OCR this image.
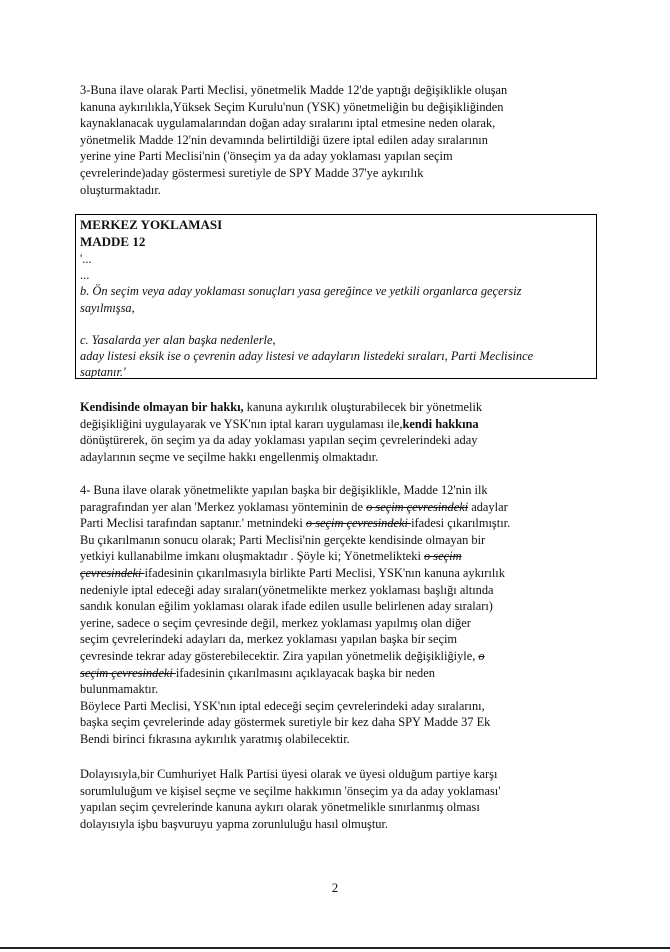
3-Buna ilave olarak Parti Meclisi, yönetmelik Madde 12'de yaptığı değişiklikle oluşan
kanuna aykırılıkla,Yüksek Seçim Kurulu'nun (YSK) yönetmeliğin bu değişikliğinden
kaynaklanacak uygulamalarından doğan aday sıralarını iptal etmesine neden olarak,
yönetmelik Madde 12'nin devamında belirtildiği üzere iptal edilen aday sıralarının
yerine yine Parti Meclisi'nin ('önseçim ya da aday yoklaması yapılan seçim
çevrelerinde)aday göstermesi suretiyle de SPY Madde 37'ye aykırılık
oluşturmaktadır.

MERKEZ YOKLAMASI
MADDE 12
'...
...
b. Ön seçim veya aday yoklaması sonuçları yasa gereğince ve yetkili organlarca geçersiz
sayılmışsa,
c. Yasalarda yer alan başka nedenlerle,
aday listesi eksik ise o çevrenin aday listesi ve adayların listedeki sıraları, Parti Meclisince
saptanır.'

Kendisinde olmayan bir hakkı, kanuna aykırılık oluşturabilecek bir yönetmelik
değişikliğini uygulayarak ve YSK'nın iptal kararı uygulaması ile,kendi hakkına
dönüştürerek, ön seçim ya da aday yoklaması yapılan seçim çevrelerindeki aday
adaylarının seçme ve seçilme hakkı engellenmiş olmaktadır.

4- Buna ilave olarak yönetmelikte yapılan başka bir değişiklikle, Madde 12'nin ilk
paragrafından yer alan 'Merkez yoklaması yönteminin de o seçim çevresindeki adaylar
Parti Meclisi tarafından saptanır.' metnindeki o seçim çevresindeki ifadesi çıkarılmıştır.
Bu çıkarılmanın sonucu olarak; Parti Meclisi'nin gerçekte kendisinde olmayan bir
yetkiyi kullanabilme imkanı oluşmaktadır . Şöyle ki; Yönetmelikteki o seçim
çevresindeki ifadesinin çıkarılmasıyla birlikte Parti Meclisi, YSK'nın kanuna aykırılık
nedeniyle iptal edeceği aday sıraları(yönetmelikte merkez yoklaması başlığı altında
sandık konulan eğilim yoklaması olarak ifade edilen usulle belirlenen aday sıraları)
yerine, sadece o seçim çevresinde değil, merkez yoklaması yapılmış olan diğer
seçim çevrelerindeki adayları da, merkez yoklaması yapılan başka bir seçim
çevresinde tekrar aday gösterebilecektir. Zira yapılan yönetmelik değişikliğiyle, o
seçim çevresindeki ifadesinin çıkarılmasını açıklayacak başka bir neden
bulunmamaktır.
Böylece Parti Meclisi, YSK'nın iptal edeceği seçim çevrelerindeki aday sıralarını,
başka seçim çevrelerinde aday göstermek suretiyle bir kez daha SPY Madde 37 Ek
Bendi birinci fıkrasına aykırılık yaratmış olabilecektir.

Dolayısıyla,bir Cumhuriyet Halk Partisi üyesi olarak ve üyesi olduğum partiye karşı
sorumluluğum ve kişisel seçme ve seçilme hakkımın 'önseçim ya da aday yoklaması'
yapılan seçim çevrelerinde kanuna aykırı olarak yönetmelikle sınırlanmış olması
dolayısıyla işbu başvuruyu yapma zorunluluğu hasıl olmuştur.

2
